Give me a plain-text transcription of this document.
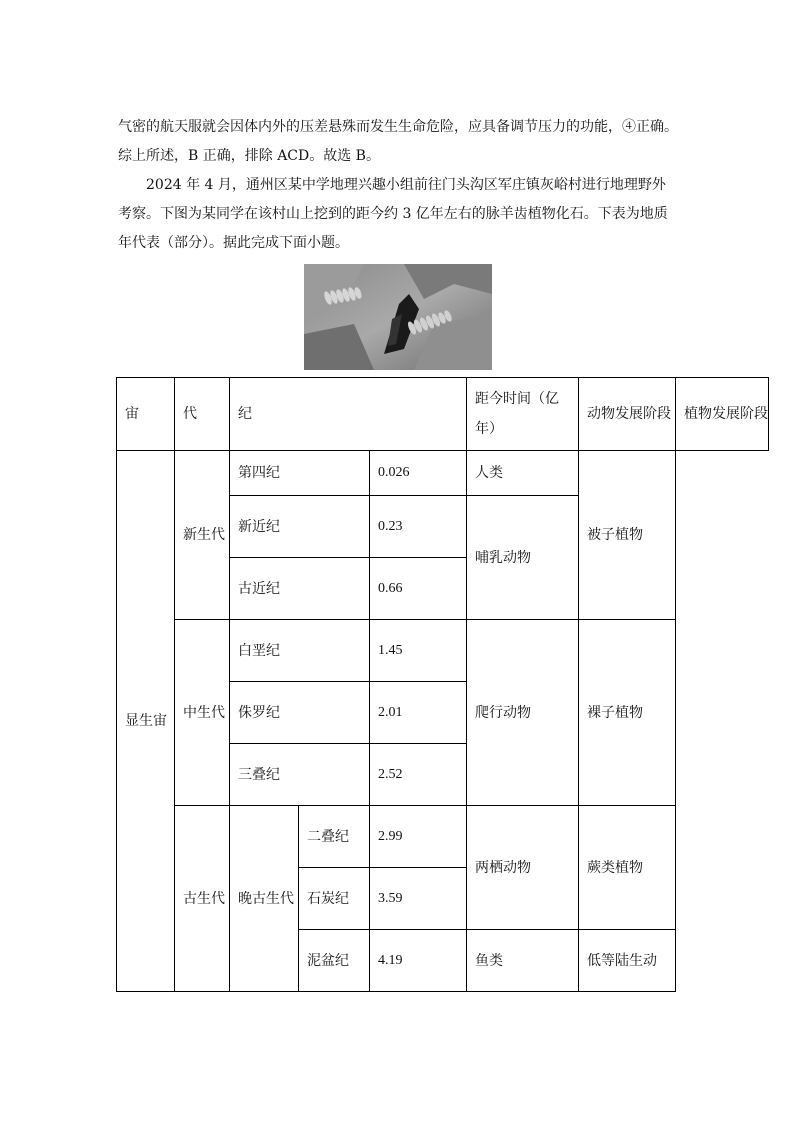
气密的航天服就会因体内外的压差悬殊而发生生命危险，应具备调节压力的功能，④正确。综上所述，B 正确，排除 ACD。故选 B。

2024 年 4 月，通州区某中学地理兴趣小组前往门头沟区军庄镇灰峪村进行地理野外考察。下图为某同学在该村山上挖到的距今约 3 亿年左右的脉羊齿植物化石。下表为地质年代表（部分）。据此完成下面小题。

宙	代	纪			距今时间（亿年）	动物发展阶段	植物发展阶段
显生宙	新生代	第四纪		0.026	人类	被子植物	
		新近纪		0.23	哺乳动物		
		古近纪		0.66			
	中生代	白垩纪		1.45	爬行动物	裸子植物	
		侏罗纪		2.01			
		三叠纪		2.52			
	古生代	晚古生代	二叠纪	2.99	两栖动物	蕨类植物	
			石炭纪	3.59			
			泥盆纪	4.19	鱼类	低等陆生动	
